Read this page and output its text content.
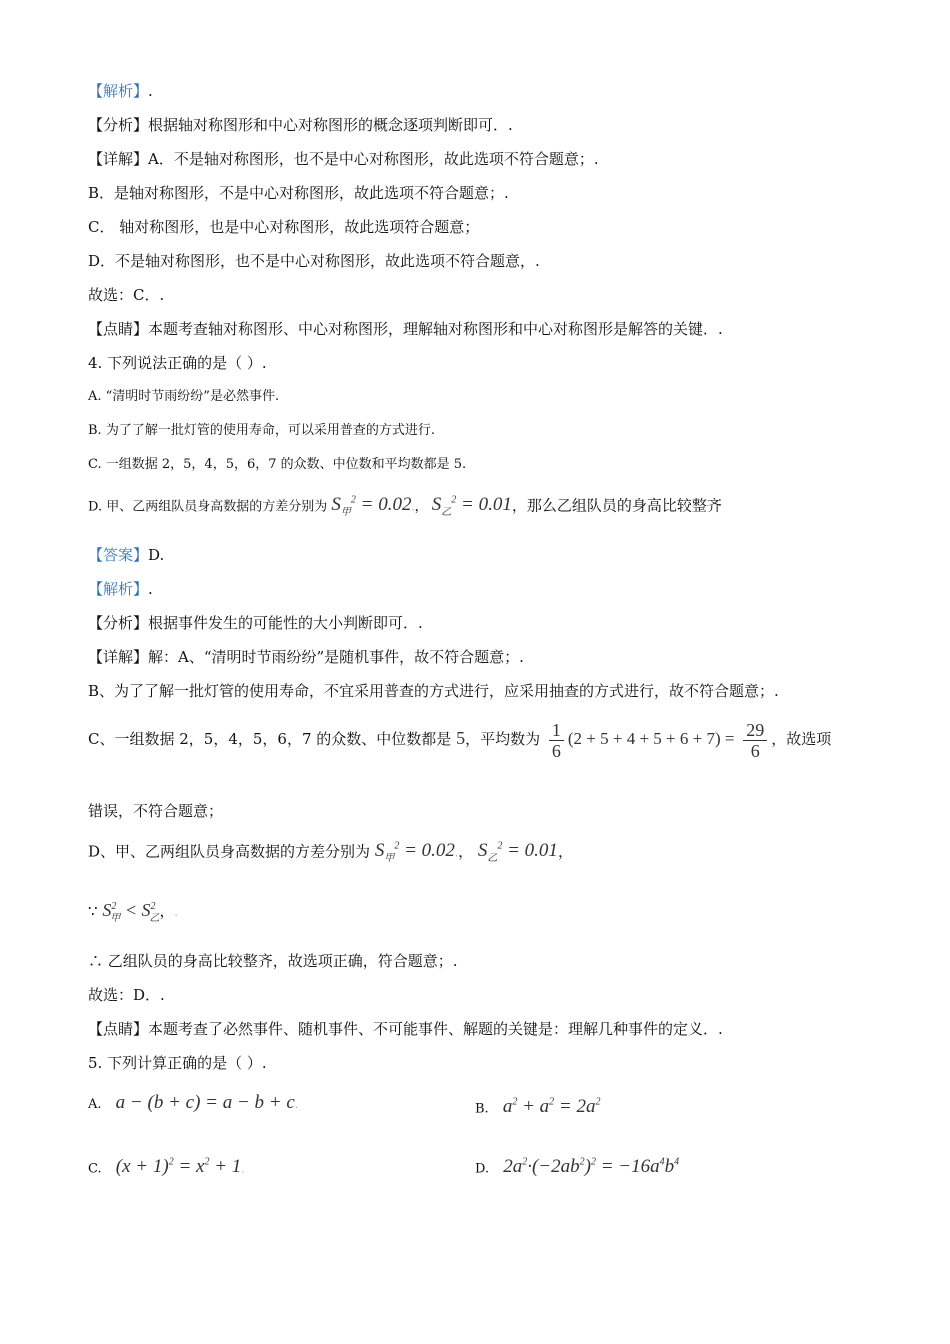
【解析】.
【分析】根据轴对称图形和中心对称图形的概念逐项判断即可．.
【详解】A．不是轴对称图形，也不是中心对称图形，故此选项不符合题意；.
B．是轴对称图形，不是中心对称图形，故此选项不符合题意；.
C． 轴对称图形，也是中心对称图形，故此选项符合题意；
D．不是轴对称图形，也不是中心对称图形，故此选项不符合题意，.
故选：C．.
【点睛】本题考查轴对称图形、中心对称图形，理解轴对称图形和中心对称图形是解答的关键．.
4. 下列说法正确的是（ ）.
A. “清明时节雨纷纷”是必然事件.
B. 为了了解一批灯管的使用寿命，可以采用普查的方式进行.
C. 一组数据 2，5，4，5，6，7 的众数、中位数和平均数都是 5.
D. 甲、乙两组队员身高数据的方差分别为 $S_甲^2 = 0.02$.， $S_乙^2 = 0.01$，那么乙组队员的身高比较整齐
【答案】D.
【解析】.
【分析】根据事件发生的可能性的大小判断即可．.
【详解】解：A、“清明时节雨纷纷”是随机事件，故不符合题意；.
B、为了了解一批灯管的使用寿命，不宜采用普查的方式进行，应采用抽查的方式进行，故不符合题意；.
C、一组数据 2，5，4，5，6，7 的众数、中位数都是 5，平均数为 $\frac{1}{6} (2 + 5 + 4 + 5 + 6 + 7) = \frac{29}{6}$ ，故选项
错误，不符合题意；
D、甲、乙两组队员身高数据的方差分别为 $S_甲^2 = 0.02$.， $S_乙^2 = 0.01$，
∵ $S^2_甲 < S^2_乙$，.
∴ 乙组队员的身高比较整齐，故选项正确，符合题意；.
故选：D．.
【点睛】本题考查了必然事件、随机事件、不可能事件、解题的关键是：理解几种事件的定义．.
5. 下列计算正确的是（ ）.
A. a − (b + c) = a − b + c.	B. $a^2 + a^2 = 2a^2$
C. $(x + 1)^2 = x^2 + 1$.	D. $2a^2\cdot(-2ab^2)^2 = -16a^4b^4$
